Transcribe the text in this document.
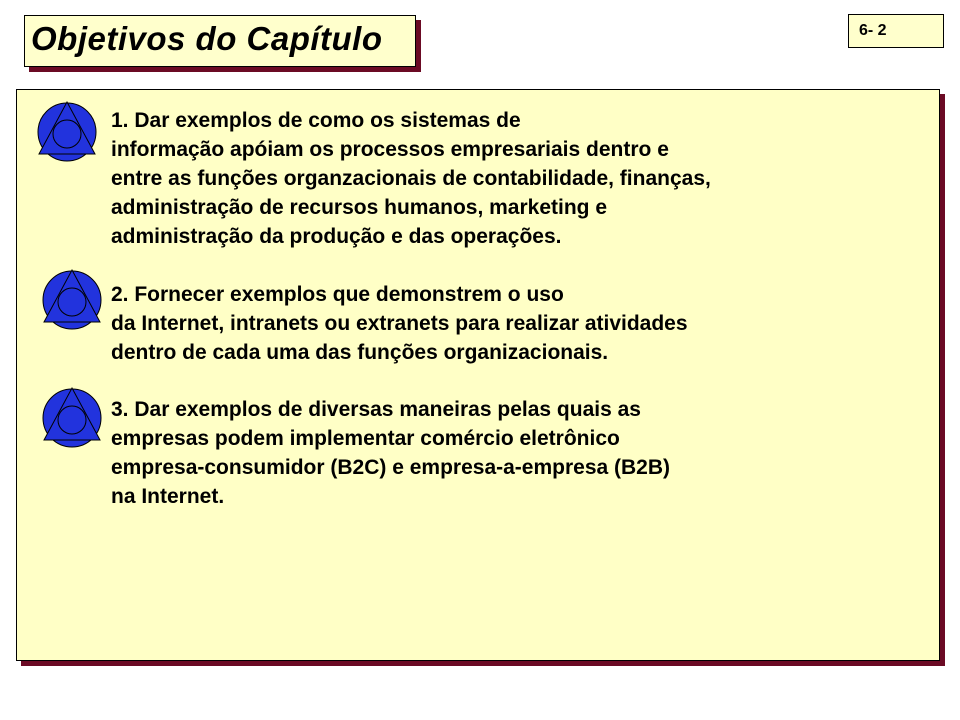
Objetivos do Capítulo	6- 2
1. Dar exemplos de como os sistemas de
informação apóiam os processos empresariais dentro e
entre as funções organzacionais de contabilidade, finanças,
administração de recursos humanos, marketing e
administração da produção e das operações.
2. Fornecer exemplos que demonstrem o uso
da Internet, intranets ou extranets para realizar atividades
dentro de cada uma das funções organizacionais.
3. Dar exemplos de diversas maneiras pelas quais as
empresas podem implementar comércio eletrônico
empresa-consumidor (B2C) e empresa-a-empresa (B2B)
na Internet.
